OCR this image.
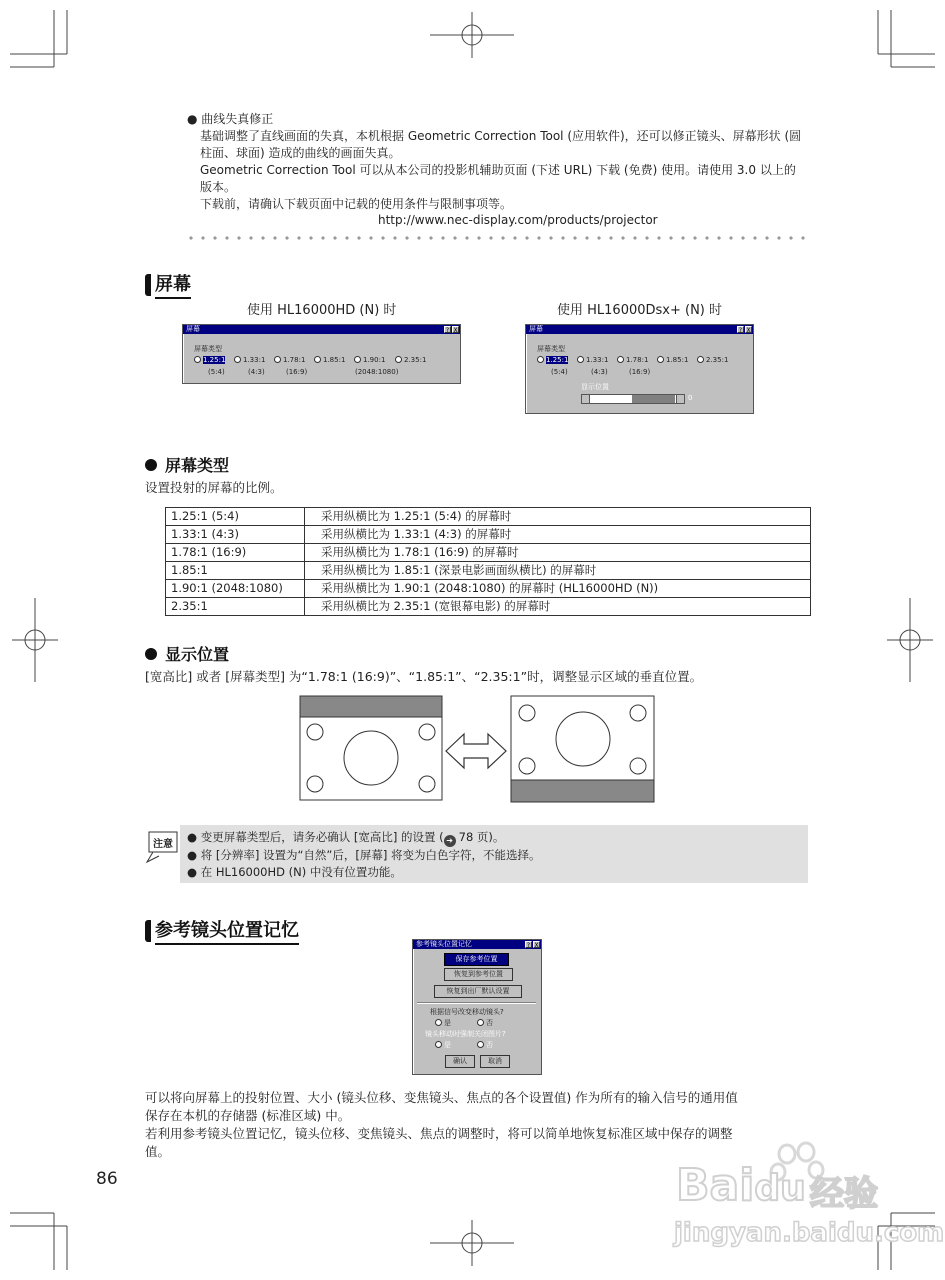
● 曲线失真修正

基础调整了直线画面的失真，本机根据 Geometric Correction Tool (应用软件)，还可以修正镜头、屏幕形状 (圆

柱面、球面) 造成的曲线的画面失真。

Geometric Correction Tool 可以从本公司的投影机辅助页面 (下述 URL) 下载 (免费) 使用。请使用 3.0 以上的

版本。

下载前，请确认下载页面中记载的使用条件与限制事项等。

http://www.nec-display.com/products/projector
屏幕
使用 HL16000HD (N) 时	使用 HL16000Dsx+ (N) 时
屏幕	? X
屏幕类型
1.25:1	1.33:1	1.78:1	1.85:1	1.90:1	2.35:1
(5:4)	(4:3)	(16:9)	(2048:1080)
屏幕	? X
屏幕类型
1.25:1	1.33:1	1.78:1	1.85:1	2.35:1
(5:4)	(4:3)	(16:9)
显示位置
0
屏幕类型
设置投射的屏幕的比例。
1.25:1 (5:4)	采用纵横比为 1.25:1 (5:4) 的屏幕时
1.33:1 (4:3)	采用纵横比为 1.33:1 (4:3) 的屏幕时
1.78:1 (16:9)	采用纵横比为 1.78:1 (16:9) 的屏幕时
1.85:1	采用纵横比为 1.85:1 (深景电影画面纵横比) 的屏幕时
1.90:1 (2048:1080)	采用纵横比为 1.90:1 (2048:1080) 的屏幕时 (HL16000HD (N))
2.35:1	采用纵横比为 2.35:1 (宽银幕电影) 的屏幕时
显示位置
[宽高比] 或者 [屏幕类型] 为“1.78:1 (16:9)”、“1.85:1”、“2.35:1”时，调整显示区域的垂直位置。
注意

● 变更屏幕类型后，请务必确认 [宽高比] 的设置 ( ➔ 78 页)。

● 将 [分辨率] 设置为“自然”后，[屏幕] 将变为白色字符，不能选择。

● 在 HL16000HD (N) 中没有位置功能。

参考镜头位置记忆
参考镜头位置记忆	? X
保存参考位置
恢复到参考位置
恢复到出厂默认设置
根据信号改变移动镜头?
是	否
镜头移动时强制关闭图片?
是	否
确认	取消
可以将向屏幕上的投射位置、大小 (镜头位移、变焦镜头、焦点的各个设置值) 作为所有的输入信号的通用值
保存在本机的存储器 (标准区域) 中。
若利用参考镜头位置记忆，镜头位移、变焦镜头、焦点的调整时，将可以简单地恢复标准区域中保存的调整
值。
86	Baidu 经验
jingyan.baidu.com
